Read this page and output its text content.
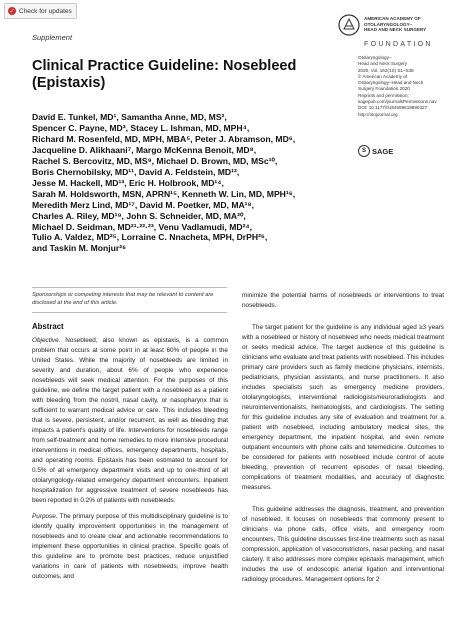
✓ Check for updates
Supplement
AMERICAN ACADEMY OF
OTOLARYNGOLOGY–
HEAD AND NECK SURGERY
FOUNDATION
Otolaryngology–
Head and Neck Surgery
2020, Vol. 162(1S) S1–S38
© American Academy of
Otolaryngology–Head and Neck
Surgery Foundation 2020
Reprints and permission:
sagepub.com/journalsPermissions.nav
DOI: 10.1177/0194599819890327
http://otojournal.org
S SAGE
Clinical Practice Guideline: Nosebleed
(Epistaxis)
David E. Tunkel, MD¹, Samantha Anne, MD, MS²,
Spencer C. Payne, MD³, Stacey L. Ishman, MD, MPH⁴,
Richard M. Rosenfeld, MD, MPH, MBA⁵, Peter J. Abramson, MD⁶,
Jacqueline D. Alikhaani⁷, Margo McKenna Benoit, MD⁸,
Rachel S. Bercovitz, MD, MS⁹, Michael D. Brown, MD, MSc¹⁰,
Boris Chernobilsky, MD¹¹, David A. Feldstein, MD¹²,
Jesse M. Hackell, MD¹³, Eric H. Holbrook, MD¹⁴,
Sarah M. Holdsworth, MSN, APRN¹⁵, Kenneth W. Lin, MD, MPH¹⁶,
Meredith Merz Lind, MD¹⁷, David M. Poetker, MD, MA¹⁸,
Charles A. Riley, MD¹⁹, John S. Schneider, MD, MA²⁰,
Michael D. Seidman, MD²¹·²²·²³, Venu Vadlamudi, MD²⁴,
Tulio A. Valdez, MD²⁵, Lorraine C. Nnacheta, MPH, DrPH²⁶,
and Taskin M. Monjur²⁶
Sponsorships or competing interests that may be relevant to content are disclosed at the end of this article.
Abstract

Objective. Nosebleed, also known as epistaxis, is a common problem that occurs at some point in at least 60% of people in the United States. While the majority of nosebleeds are limited in severity and duration, about 6% of people who experience nosebleeds will seek medical attention. For the purposes of this guideline, we define the target patient with a nosebleed as a patient with bleeding from the nostril, nasal cavity, or nasopharynx that is sufficient to warrant medical advice or care. This includes bleeding that is severe, persistent, and/or recurrent, as well as bleeding that impacts a patient's quality of life. Interventions for nosebleeds range from self-treatment and home remedies to more intensive procedural interventions in medical offices, emergency departments, hospitals, and operating rooms. Epistaxis has been estimated to account for 0.5% of all emergency department visits and up to one-third of all otolaryngology-related emergency department encounters. Inpatient hospitalization for aggressive treatment of severe nosebleeds has been reported in 0.2% of patients with nosebleeds.

Purpose. The primary purpose of this multidisciplinary guideline is to identify quality improvement opportunities in the management of nosebleeds and to create clear and actionable recommendations to implement these opportunities in clinical practice. Specific goals of this guideline are to promote best practices, reduce unjustified variations in care of patients with nosebleeds, improve health outcomes, and

minimize the potential harms of nosebleeds or interventions to treat nosebleeds.

The target patient for the guideline is any individual aged ≥3 years with a nosebleed or history of nosebleed who needs medical treatment or seeks medical advice. The target audience of this guideline is clinicians who evaluate and treat patients with nosebleed. This includes primary care providers such as family medicine physicians, internists, pediatricians, physician assistants, and nurse practitioners. It also includes specialists such as emergency medicine providers, otolaryngologists, interventional radiologists/neuroradiologists and neurointerventionalists, hematologists, and cardiologists. The setting for this guideline includes any site of evaluation and treatment for a patient with nosebleed, including ambulatory medical sites, the emergency department, the inpatient hospital, and even remote outpatient encounters with phone calls and telemedicine. Outcomes to be considered for patients with nosebleed include control of acute bleeding, prevention of recurrent episodes of nasal bleeding, complications of treatment modalities, and accuracy of diagnostic measures.

This guideline addresses the diagnosis, treatment, and prevention of nosebleed. It focuses on nosebleeds that commonly present to clinicians via phone calls, office visits, and emergency room encounters. This guideline discusses first-line treatments such as nasal compression, application of vasoconstrictors, nasal packing, and nasal cautery. It also addresses more complex epistaxis management, which includes the use of endoscopic arterial ligation and interventional radiology procedures. Management options for 2
